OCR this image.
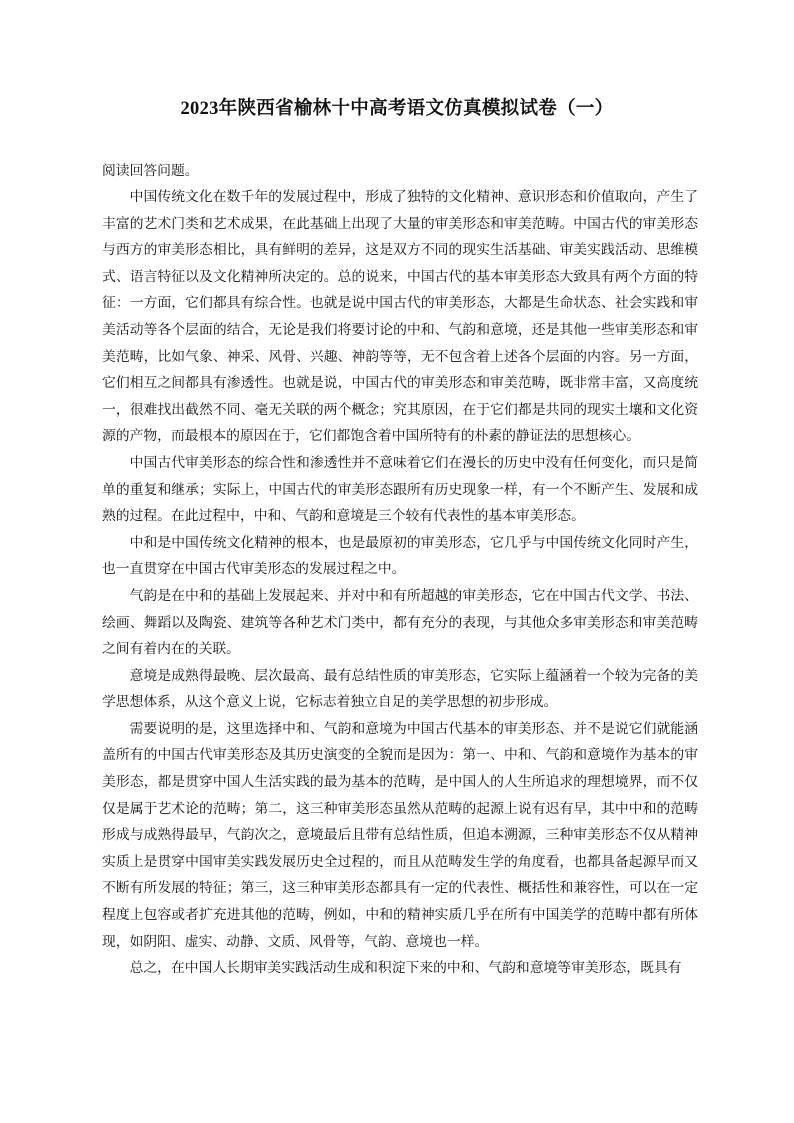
2023年陕西省榆林十中高考语文仿真模拟试卷（一）

阅读回答问题。

中国传统文化在数千年的发展过程中，形成了独特的文化精神、意识形态和价值取向，产生了丰富的艺术门类和艺术成果，在此基础上出现了大量的审美形态和审美范畴。中国古代的审美形态与西方的审美形态相比，具有鲜明的差异，这是双方不同的现实生活基础、审美实践活动、思维模式、语言特征以及文化精神所决定的。总的说来，中国古代的基本审美形态大致具有两个方面的特征：一方面，它们都具有综合性。也就是说中国古代的审美形态，大都是生命状态、社会实践和审美活动等各个层面的结合，无论是我们将要讨论的中和、气韵和意境，还是其他一些审美形态和审美范畴，比如气象、神采、风骨、兴趣、神韵等等，无不包含着上述各个层面的内容。另一方面，它们相互之间都具有渗透性。也就是说，中国古代的审美形态和审美范畴，既非常丰富，又高度统一，很难找出截然不同、毫无关联的两个概念；究其原因，在于它们都是共同的现实土壤和文化资源的产物，而最根本的原因在于，它们都饱含着中国所特有的朴素的静证法的思想核心。

中国古代审美形态的综合性和渗透性并不意味着它们在漫长的历史中没有任何变化，而只是简单的重复和继承；实际上，中国古代的审美形态跟所有历史现象一样，有一个不断产生、发展和成熟的过程。在此过程中，中和、气韵和意境是三个较有代表性的基本审美形态。

中和是中国传统文化精神的根本，也是最原初的审美形态，它几乎与中国传统文化同时产生，也一直贯穿在中国古代审美形态的发展过程之中。

气韵是在中和的基础上发展起来、并对中和有所超越的审美形态，它在中国古代文学、书法、绘画、舞蹈以及陶瓷、建筑等各种艺术门类中，都有充分的表现，与其他众多审美形态和审美范畴之间有着内在的关联。

意境是成熟得最晚、层次最高、最有总结性质的审美形态，它实际上蕴涵着一个较为完备的美学思想体系，从这个意义上说，它标志着独立自足的美学思想的初步形成。

需要说明的是，这里选择中和、气韵和意境为中国古代基本的审美形态、并不是说它们就能涵盖所有的中国古代审美形态及其历史演变的全貌而是因为：第一、中和、气韵和意境作为基本的审美形态，都是贯穿中国人生活实践的最为基本的范畴，是中国人的人生所追求的理想境界，而不仅仅是属于艺术论的范畴；第二，这三种审美形态虽然从范畴的起源上说有迟有早，其中中和的范畴形成与成熟得最早，气韵次之，意境最后且带有总结性质，但追本溯源，三种审美形态不仅从精神实质上是贯穿中国审美实践发展历史全过程的，而且从范畴发生学的角度看，也都具备起源早而又不断有所发展的特征；第三，这三种审美形态都具有一定的代表性、概括性和兼容性，可以在一定程度上包容或者扩充进其他的范畴，例如，中和的精神实质几乎在所有中国美学的范畴中都有所体现，如阴阳、虚实、动静、文质、风骨等，气韵、意境也一样。

总之，在中国人长期审美实践活动生成和积淀下来的中和、气韵和意境等审美形态，既具有
